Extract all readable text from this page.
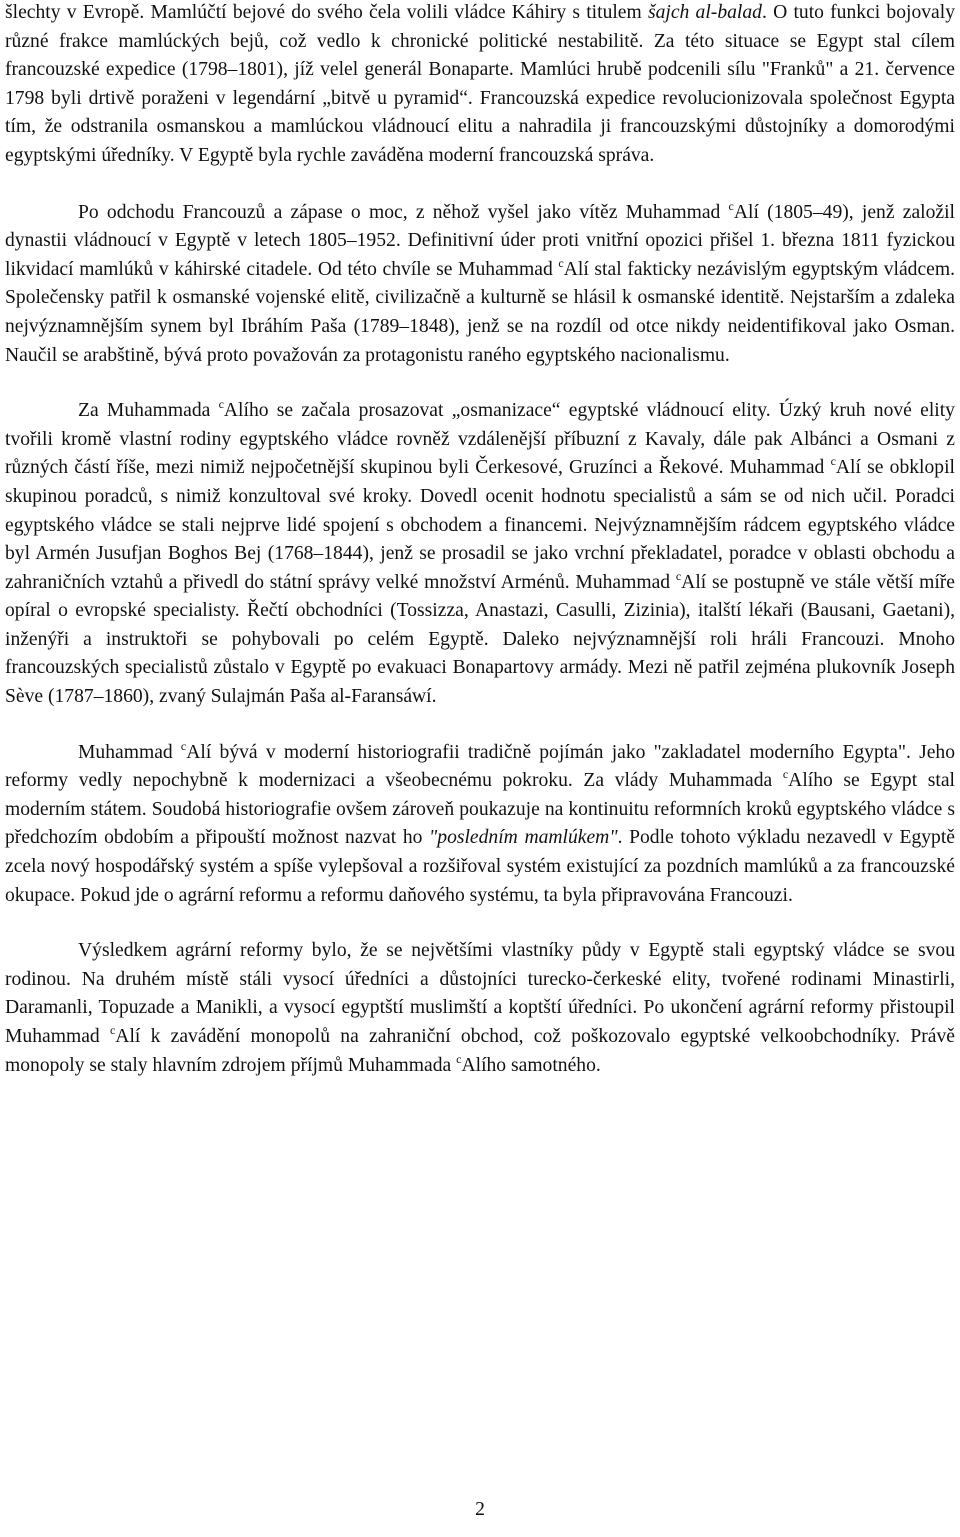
šlechty v Evropě. Mamlúčtí bejové do svého čela volili vládce Káhiry s titulem šajch al-balad. O tuto funkci bojovaly různé frakce mamlúckých bejů, což vedlo k chronické politické nestabilitě. Za této situace se Egypt stal cílem francouzské expedice (1798–1801), jíž velel generál Bonaparte. Mamlúci hrubě podcenili sílu "Franků" a 21. července 1798 byli drtivě poraženi v legendární „bitvě u pyramid“. Francouzská expedice revolucionizovala společnost Egypta tím, že odstranila osmanskou a mamlúckou vládnoucí elitu a nahradila ji francouzskými důstojníky a domorodými egyptskými úředníky. V Egyptě byla rychle zaváděna moderní francouzská správa.

Po odchodu Francouzů a zápase o moc, z něhož vyšel jako vítěz Muhammad $^c$Alí (1805–49), jenž založil dynastii vládnoucí v Egyptě v letech 1805–1952. Definitivní úder proti vnitřní opozici přišel 1. března 1811 fyzickou likvidací mamlúků v káhirské citadele. Od této chvíle se Muhammad $^c$Alí stal fakticky nezávislým egyptským vládcem. Společensky patřil k osmanské vojenské elitě, civilizačně a kulturně se hlásil k osmanské identitě. Nejstarším a zdaleka nejvýznamnějším synem byl Ibráhím Paša (1789–1848), jenž se na rozdíl od otce nikdy neidentifikoval jako Osman. Naučil se arabštině, bývá proto považován za protagonistu raného egyptského nacionalismu.

Za Muhammada $^c$Alího se začala prosazovat „osmanizace“ egyptské vládnoucí elity. Úzký kruh nové elity tvořili kromě vlastní rodiny egyptského vládce rovněž vzdálenější příbuzní z Kavaly, dále pak Albánci a Osmani z různých částí říše, mezi nimiž nejpočetnější skupinou byli Čerkesové, Gruzínci a Řekové. Muhammad $^c$Alí se obklopil skupinou poradců, s nimiž konzultoval své kroky. Dovedl ocenit hodnotu specialistů a sám se od nich učil. Poradci egyptského vládce se stali nejprve lidé spojení s obchodem a financemi. Nejvýznamnějším rádcem egyptského vládce byl Armén Jusufjan Boghos Bej (1768–1844), jenž se prosadil se jako vrchní překladatel, poradce v oblasti obchodu a zahraničních vztahů a přivedl do státní správy velké množství Arménů. Muhammad $^c$Alí se postupně ve stále větší míře opíral o evropské specialisty. Řečtí obchodníci (Tossizza, Anastazi, Casulli, Zizinia), italští lékaři (Bausani, Gaetani), inženýři a instruktoři se pohybovali po celém Egyptě. Daleko nejvýznamnější roli hráli Francouzi. Mnoho francouzských specialistů zůstalo v Egyptě po evakuaci Bonapartovy armády. Mezi ně patřil zejména plukovník Joseph Sève (1787–1860), zvaný Sulajmán Paša al-Faransáwí.

Muhammad $^c$Alí bývá v moderní historiografii tradičně pojímán jako "zakladatel moderního Egypta". Jeho reformy vedly nepochybně k modernizaci a všeobecnému pokroku. Za vlády Muhammada $^c$Alího se Egypt stal moderním státem. Soudobá historiografie ovšem zároveň poukazuje na kontinuitu reformních kroků egyptského vládce s předchozím obdobím a připouští možnost nazvat ho "posledním mamlúkem". Podle tohoto výkladu nezavedl v Egyptě zcela nový hospodářský systém a spíše vylepšoval a rozšiřoval systém existující za pozdních mamlúků a za francouzské okupace. Pokud jde o agrární reformu a reformu daňového systému, ta byla připravována Francouzi.

Výsledkem agrární reformy bylo, že se největšími vlastníky půdy v Egyptě stali egyptský vládce se svou rodinou. Na druhém místě stáli vysocí úředníci a důstojníci turecko-čerkeské elity, tvořené rodinami Minastirli, Daramanli, Topuzade a Manikli, a vysocí egyptští muslimští a koptští úředníci. Po ukončení agrární reformy přistoupil Muhammad $^c$Alí k zavádění monopolů na zahraniční obchod, což poškozovalo egyptské velkoobchodníky. Právě monopoly se staly hlavním zdrojem příjmů Muhammada $^c$Alího samotného.

2
